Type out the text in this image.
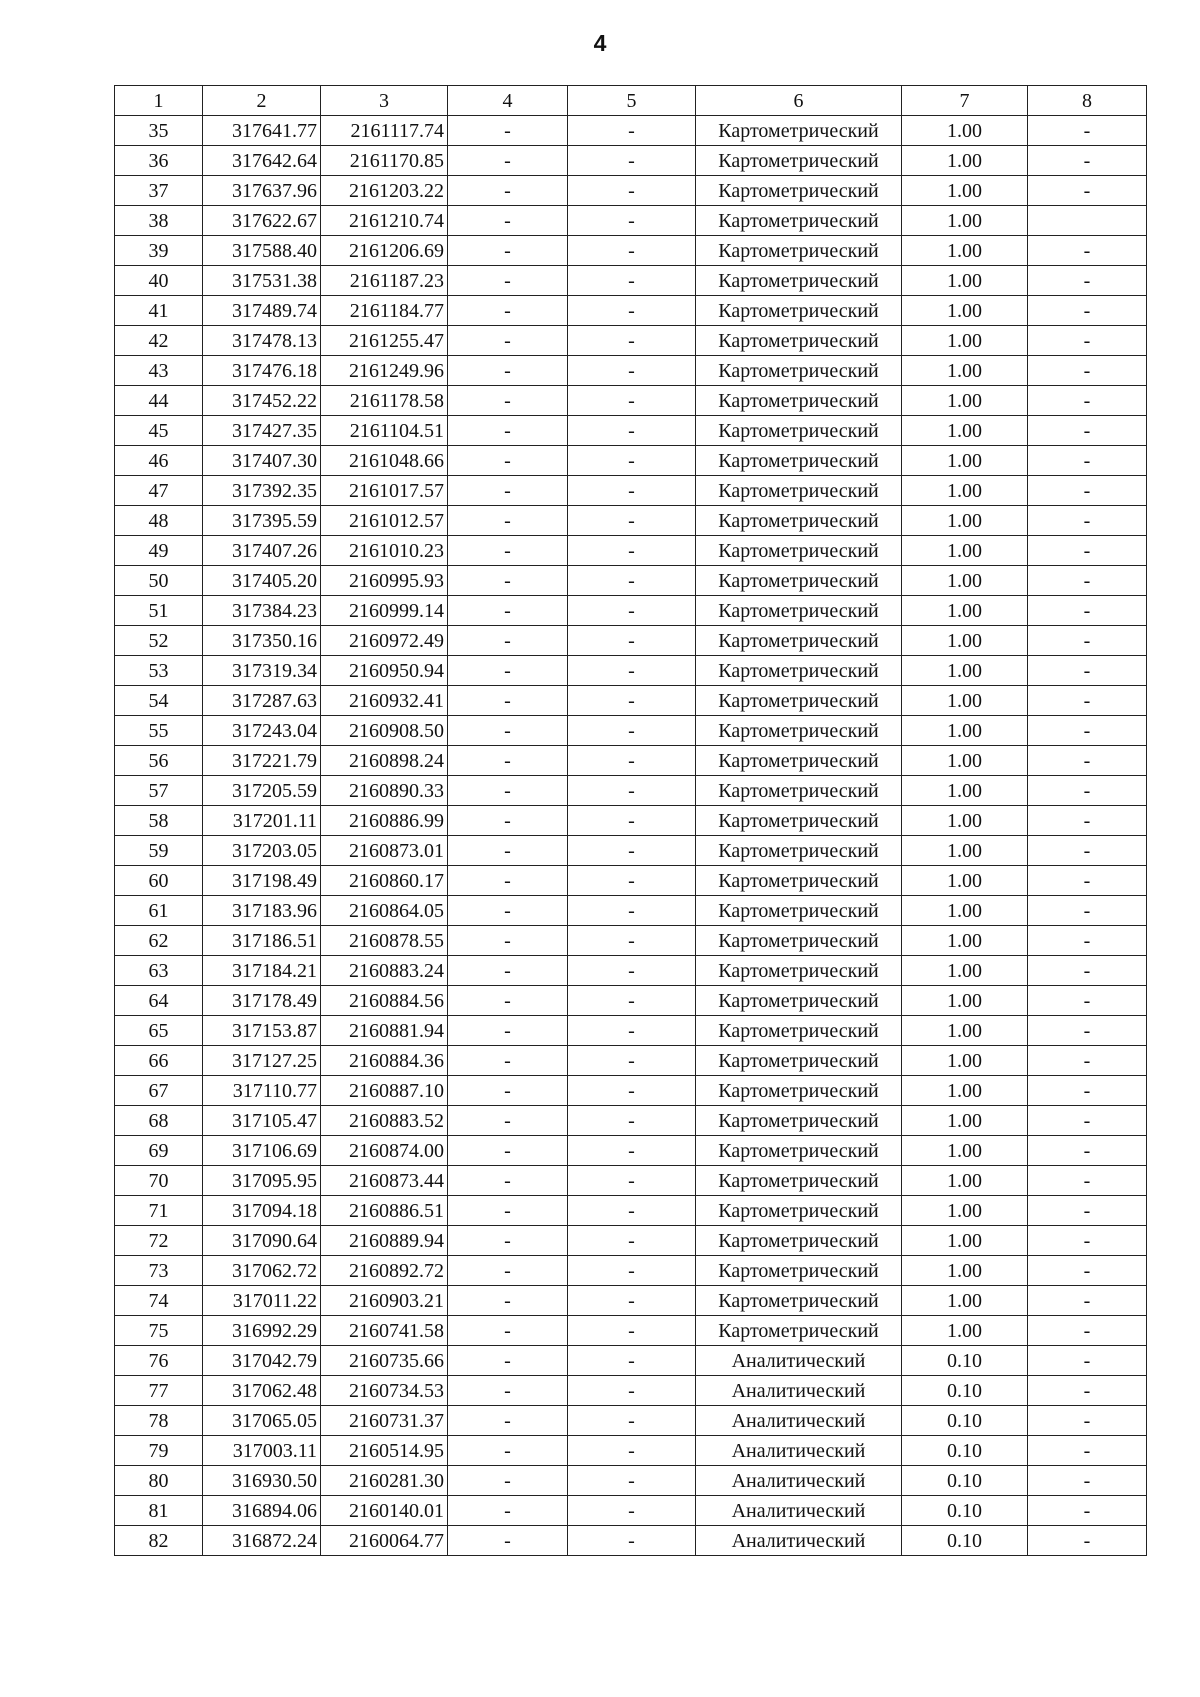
4
1	2	3	4	5	6	7	8
35	317641.77	2161117.74	-	-	Картометрический	1.00	-
36	317642.64	2161170.85	-	-	Картометрический	1.00	-
37	317637.96	2161203.22	-	-	Картометрический	1.00	-
38	317622.67	2161210.74	-	-	Картометрический	1.00	
39	317588.40	2161206.69	-	-	Картометрический	1.00	-
40	317531.38	2161187.23	-	-	Картометрический	1.00	-
41	317489.74	2161184.77	-	-	Картометрический	1.00	-
42	317478.13	2161255.47	-	-	Картометрический	1.00	-
43	317476.18	2161249.96	-	-	Картометрический	1.00	-
44	317452.22	2161178.58	-	-	Картометрический	1.00	-
45	317427.35	2161104.51	-	-	Картометрический	1.00	-
46	317407.30	2161048.66	-	-	Картометрический	1.00	-
47	317392.35	2161017.57	-	-	Картометрический	1.00	-
48	317395.59	2161012.57	-	-	Картометрический	1.00	-
49	317407.26	2161010.23	-	-	Картометрический	1.00	-
50	317405.20	2160995.93	-	-	Картометрический	1.00	-
51	317384.23	2160999.14	-	-	Картометрический	1.00	-
52	317350.16	2160972.49	-	-	Картометрический	1.00	-
53	317319.34	2160950.94	-	-	Картометрический	1.00	-
54	317287.63	2160932.41	-	-	Картометрический	1.00	-
55	317243.04	2160908.50	-	-	Картометрический	1.00	-
56	317221.79	2160898.24	-	-	Картометрический	1.00	-
57	317205.59	2160890.33	-	-	Картометрический	1.00	-
58	317201.11	2160886.99	-	-	Картометрический	1.00	-
59	317203.05	2160873.01	-	-	Картометрический	1.00	-
60	317198.49	2160860.17	-	-	Картометрический	1.00	-
61	317183.96	2160864.05	-	-	Картометрический	1.00	-
62	317186.51	2160878.55	-	-	Картометрический	1.00	-
63	317184.21	2160883.24	-	-	Картометрический	1.00	-
64	317178.49	2160884.56	-	-	Картометрический	1.00	-
65	317153.87	2160881.94	-	-	Картометрический	1.00	-
66	317127.25	2160884.36	-	-	Картометрический	1.00	-
67	317110.77	2160887.10	-	-	Картометрический	1.00	-
68	317105.47	2160883.52	-	-	Картометрический	1.00	-
69	317106.69	2160874.00	-	-	Картометрический	1.00	-
70	317095.95	2160873.44	-	-	Картометрический	1.00	-
71	317094.18	2160886.51	-	-	Картометрический	1.00	-
72	317090.64	2160889.94	-	-	Картометрический	1.00	-
73	317062.72	2160892.72	-	-	Картометрический	1.00	-
74	317011.22	2160903.21	-	-	Картометрический	1.00	-
75	316992.29	2160741.58	-	-	Картометрический	1.00	-
76	317042.79	2160735.66	-	-	Аналитический	0.10	-
77	317062.48	2160734.53	-	-	Аналитический	0.10	-
78	317065.05	2160731.37	-	-	Аналитический	0.10	-
79	317003.11	2160514.95	-	-	Аналитический	0.10	-
80	316930.50	2160281.30	-	-	Аналитический	0.10	-
81	316894.06	2160140.01	-	-	Аналитический	0.10	-
82	316872.24	2160064.77	-	-	Аналитический	0.10	-
